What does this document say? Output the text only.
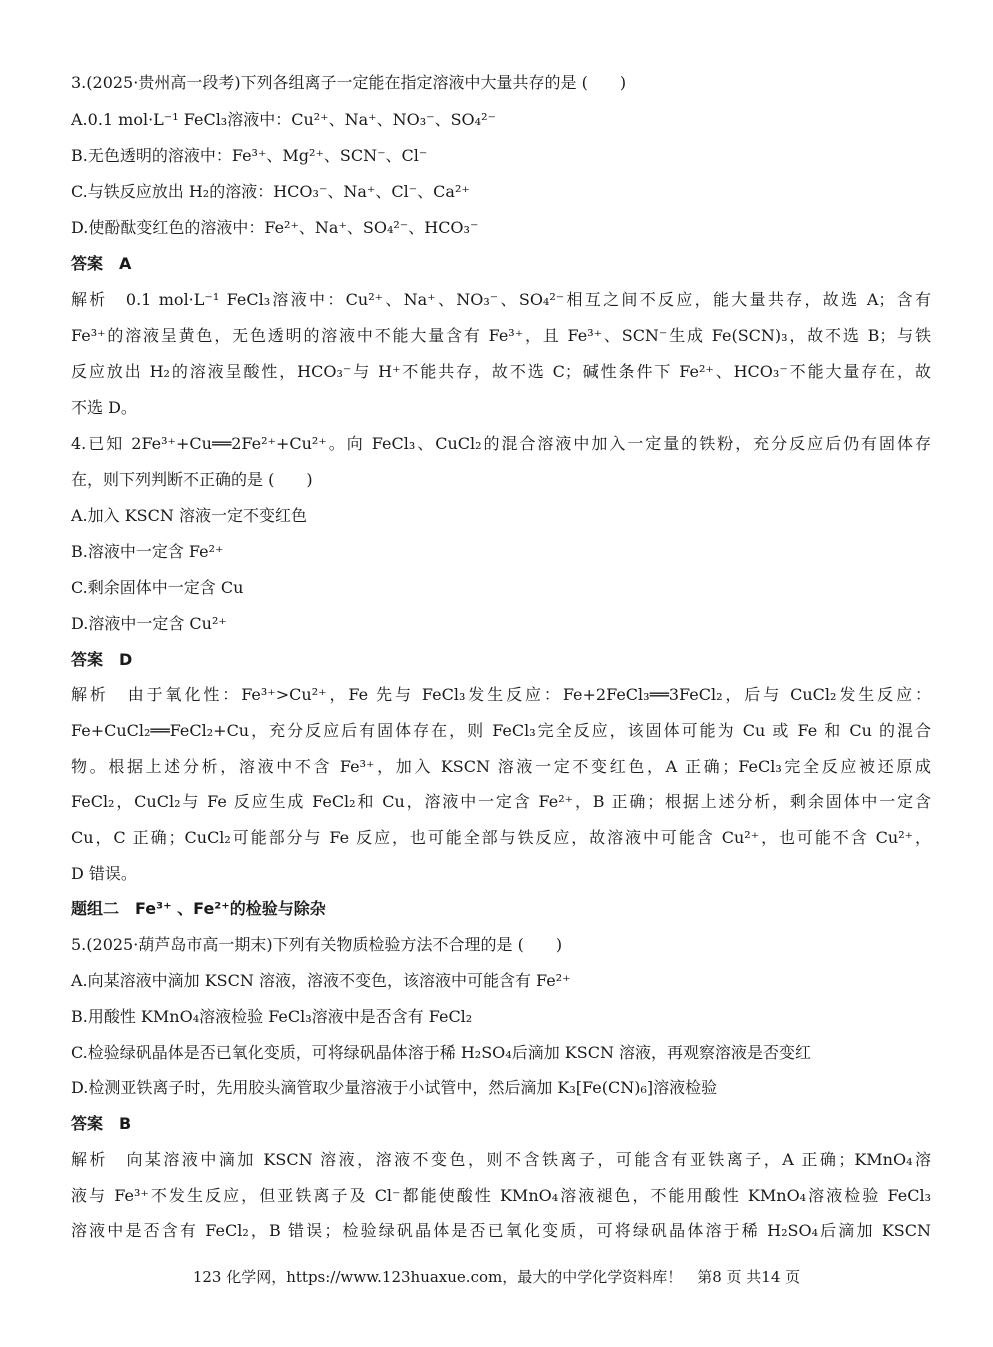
3.(2025·贵州高一段考)下列各组离子一定能在指定溶液中大量共存的是 (　　)
A.0.1 mol·L⁻¹ FeCl₃溶液中：Cu²⁺、Na⁺、NO₃⁻、SO₄²⁻
B.无色透明的溶液中：Fe³⁺、Mg²⁺、SCN⁻、Cl⁻
C.与铁反应放出 H₂的溶液：HCO₃⁻、Na⁺、Cl⁻、Ca²⁺
D.使酚酞变红色的溶液中：Fe²⁺、Na⁺、SO₄²⁻、HCO₃⁻
答案　A
解析　0.1 mol·L⁻¹ FeCl₃溶液中：Cu²⁺、Na⁺、NO₃⁻、SO₄²⁻相互之间不反应，能大量共存，故选 A；含有
Fe³⁺的溶液呈黄色，无色透明的溶液中不能大量含有 Fe³⁺，且 Fe³⁺、SCN⁻生成 Fe(SCN)₃，故不选 B；与铁
反应放出 H₂的溶液呈酸性，HCO₃⁻与 H⁺不能共存，故不选 C；碱性条件下 Fe²⁺、HCO₃⁻不能大量存在，故
不选 D。
4.已知 2Fe³⁺+Cu══2Fe²⁺+Cu²⁺。向 FeCl₃、CuCl₂的混合溶液中加入一定量的铁粉，充分反应后仍有固体存
在，则下列判断不正确的是 (　　)
A.加入 KSCN 溶液一定不变红色
B.溶液中一定含 Fe²⁺
C.剩余固体中一定含 Cu
D.溶液中一定含 Cu²⁺
答案　D
解析　由于氧化性：Fe³⁺>Cu²⁺，Fe 先与 FeCl₃发生反应：Fe+2FeCl₃══3FeCl₂，后与 CuCl₂发生反应：
Fe+CuCl₂══FeCl₂+Cu，充分反应后有固体存在，则 FeCl₃完全反应，该固体可能为 Cu 或 Fe 和 Cu 的混合
物。根据上述分析，溶液中不含 Fe³⁺，加入 KSCN 溶液一定不变红色，A 正确；FeCl₃完全反应被还原成
FeCl₂，CuCl₂与 Fe 反应生成 FeCl₂和 Cu，溶液中一定含 Fe²⁺，B 正确；根据上述分析，剩余固体中一定含
Cu，C 正确；CuCl₂可能部分与 Fe 反应，也可能全部与铁反应，故溶液中可能含 Cu²⁺，也可能不含 Cu²⁺，
D 错误。
题组二　Fe³⁺ 、Fe²⁺的检验与除杂
5.(2025·葫芦岛市高一期末)下列有关物质检验方法不合理的是 (　　)
A.向某溶液中滴加 KSCN 溶液，溶液不变色，该溶液中可能含有 Fe²⁺
B.用酸性 KMnO₄溶液检验 FeCl₃溶液中是否含有 FeCl₂
C.检验绿矾晶体是否已氧化变质，可将绿矾晶体溶于稀 H₂SO₄后滴加 KSCN 溶液，再观察溶液是否变红
D.检测亚铁离子时，先用胶头滴管取少量溶液于小试管中，然后滴加 K₃[Fe(CN)₆]溶液检验
答案　B
解析　向某溶液中滴加 KSCN 溶液，溶液不变色，则不含铁离子，可能含有亚铁离子，A 正确；KMnO₄溶
液与 Fe³⁺不发生反应，但亚铁离子及 Cl⁻都能使酸性 KMnO₄溶液褪色，不能用酸性 KMnO₄溶液检验 FeCl₃
溶液中是否含有 FeCl₂，B 错误；检验绿矾晶体是否已氧化变质，可将绿矾晶体溶于稀 H₂SO₄后滴加 KSCN
123 化学网，https://www.123huaxue.com，最大的中学化学资料库！　第8 页 共14 页
